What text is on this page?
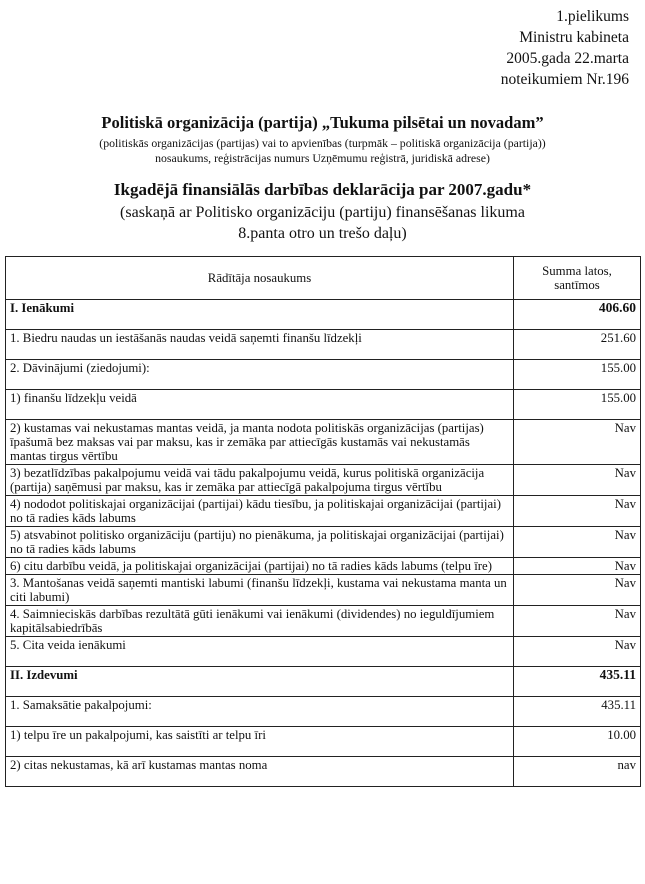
1.pielikums
Ministru kabineta
2005.gada 22.marta
noteikumiem Nr.196
Politiskā organizācija (partija) „Tukuma pilsētai un novadam”
(politiskās organizācijas (partijas) vai to apvienības (turpmāk – politiskā organizācija (partija))
nosaukums, reģistrācijas numurs Uzņēmumu reģistrā, juridiskā adrese)
Ikgadējā finansiālās darbības deklarācija par 2007.gadu*
(saskaņā ar Politisko organizāciju (partiju) finansēšanas likuma
8.panta otro un trešo daļu)
Rādītāja nosaukums	Summa latos,
santīmos

I. Ienākumi	406.60
1. Biedru naudas un iestāšanās naudas veidā saņemti finanšu līdzekļi	251.60
2. Dāvinājumi (ziedojumi):	155.00
1) finanšu līdzekļu veidā	155.00
2) kustamas vai nekustamas mantas veidā, ja manta nodota politiskās organizācijas (partijas) īpašumā bez maksas vai par maksu, kas ir zemāka par attiecīgās kustamās vai nekustamās mantas tirgus vērtību	Nav
3) bezatlīdzības pakalpojumu veidā vai tādu pakalpojumu veidā, kurus politiskā organizācija (partija) saņēmusi par maksu, kas ir zemāka par attiecīgā pakalpojuma tirgus vērtību	Nav
4) nododot politiskajai organizācijai (partijai) kādu tiesību, ja politiskajai organizācijai (partijai) no tā radies kāds labums	Nav
5) atsvabinot politisko organizāciju (partiju) no pienākuma, ja politiskajai organizācijai (partijai) no tā radies kāds labums	Nav
6) citu darbību veidā, ja politiskajai organizācijai (partijai) no tā radies kāds labums (telpu īre)	Nav
3. Mantošanas veidā saņemti mantiski labumi (finanšu līdzekļi, kustama vai nekustama manta un citi labumi)	Nav
4. Saimnieciskās darbības rezultātā gūti ienākumi vai ienākumi (dividendes) no ieguldījumiem kapitālsabiedrībās	Nav
5. Cita veida ienākumi	Nav
II. Izdevumi	435.11
1. Samaksātie pakalpojumi:	435.11
1) telpu īre un pakalpojumi, kas saistīti ar telpu īri	10.00
2) citas nekustamas, kā arī kustamas mantas noma	nav
